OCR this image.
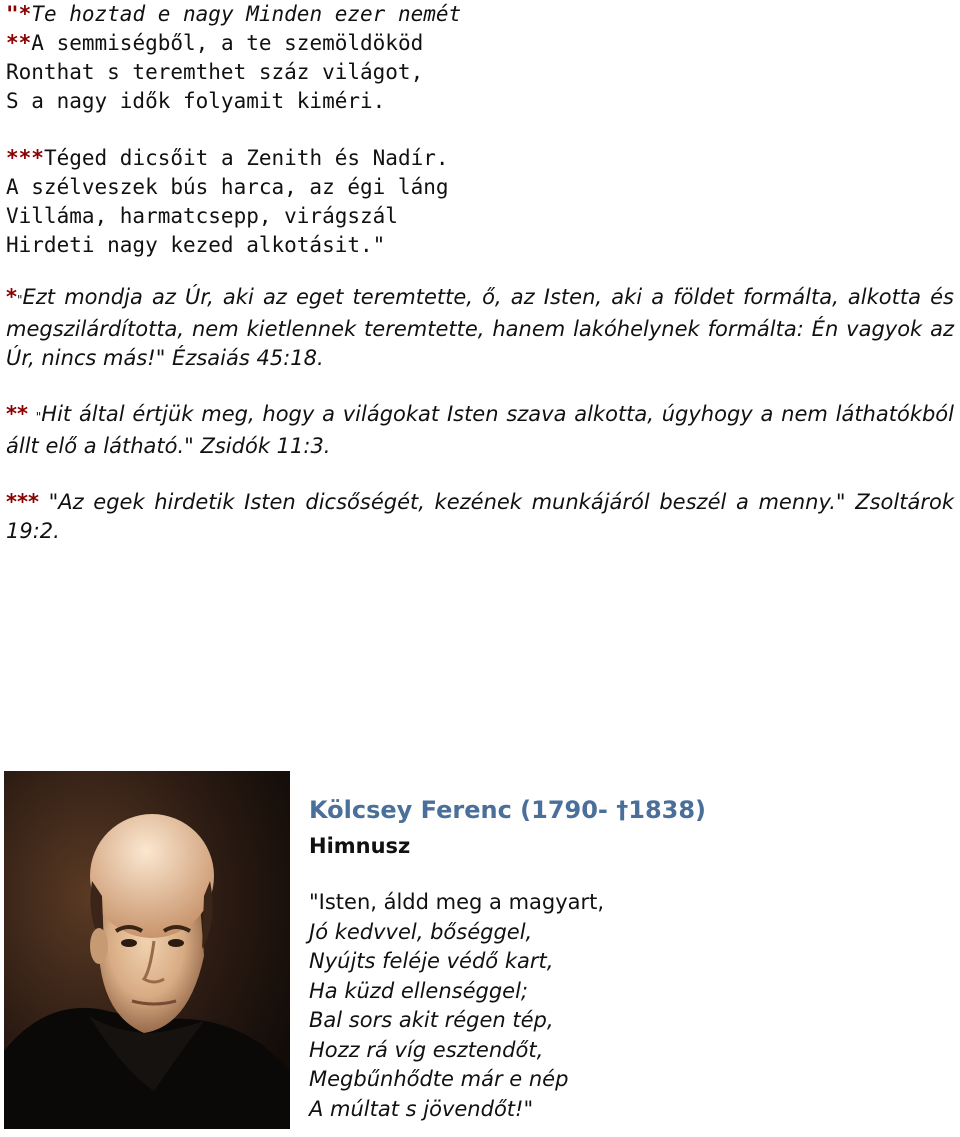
"*Te hoztad e nagy Minden ezer nemét
**A semmiségből, a te szemöldököd
Ronthat s teremthet száz világot,
S a nagy idők folyamit kiméri.
***Téged dicsőit a Zenith és Nadír.
A szélveszek bús harca, az égi láng
Villáma, harmatcsepp, virágszál
Hirdeti nagy kezed alkotásit."

*"Ezt mondja az Úr, aki az eget teremtette, ő, az Isten, aki a földet formálta, alkotta és megszilárdította, nem kietlennek teremtette, hanem lakóhelynek formálta: Én vagyok az Úr, nincs más!" Ézsaiás 45:18.

** "Hit által értjük meg, hogy a világokat Isten szava alkotta, úgyhogy a nem láthatókból állt elő a látható." Zsidók 11:3.

*** "Az egek hirdetik Isten dicsőségét, kezének munkájáról beszél a menny." Zsoltárok 19:2.

Kölcsey Ferenc (1790- †1838)
Himnusz
"Isten, áldd meg a magyart,
Jó kedvvel, bőséggel,
Nyújts feléje védő kart,
Ha küzd ellenséggel;
Bal sors akit régen tép,
Hozz rá víg esztendőt,
Megbűnhődte már e nép
A múltat s jövendőt!"
